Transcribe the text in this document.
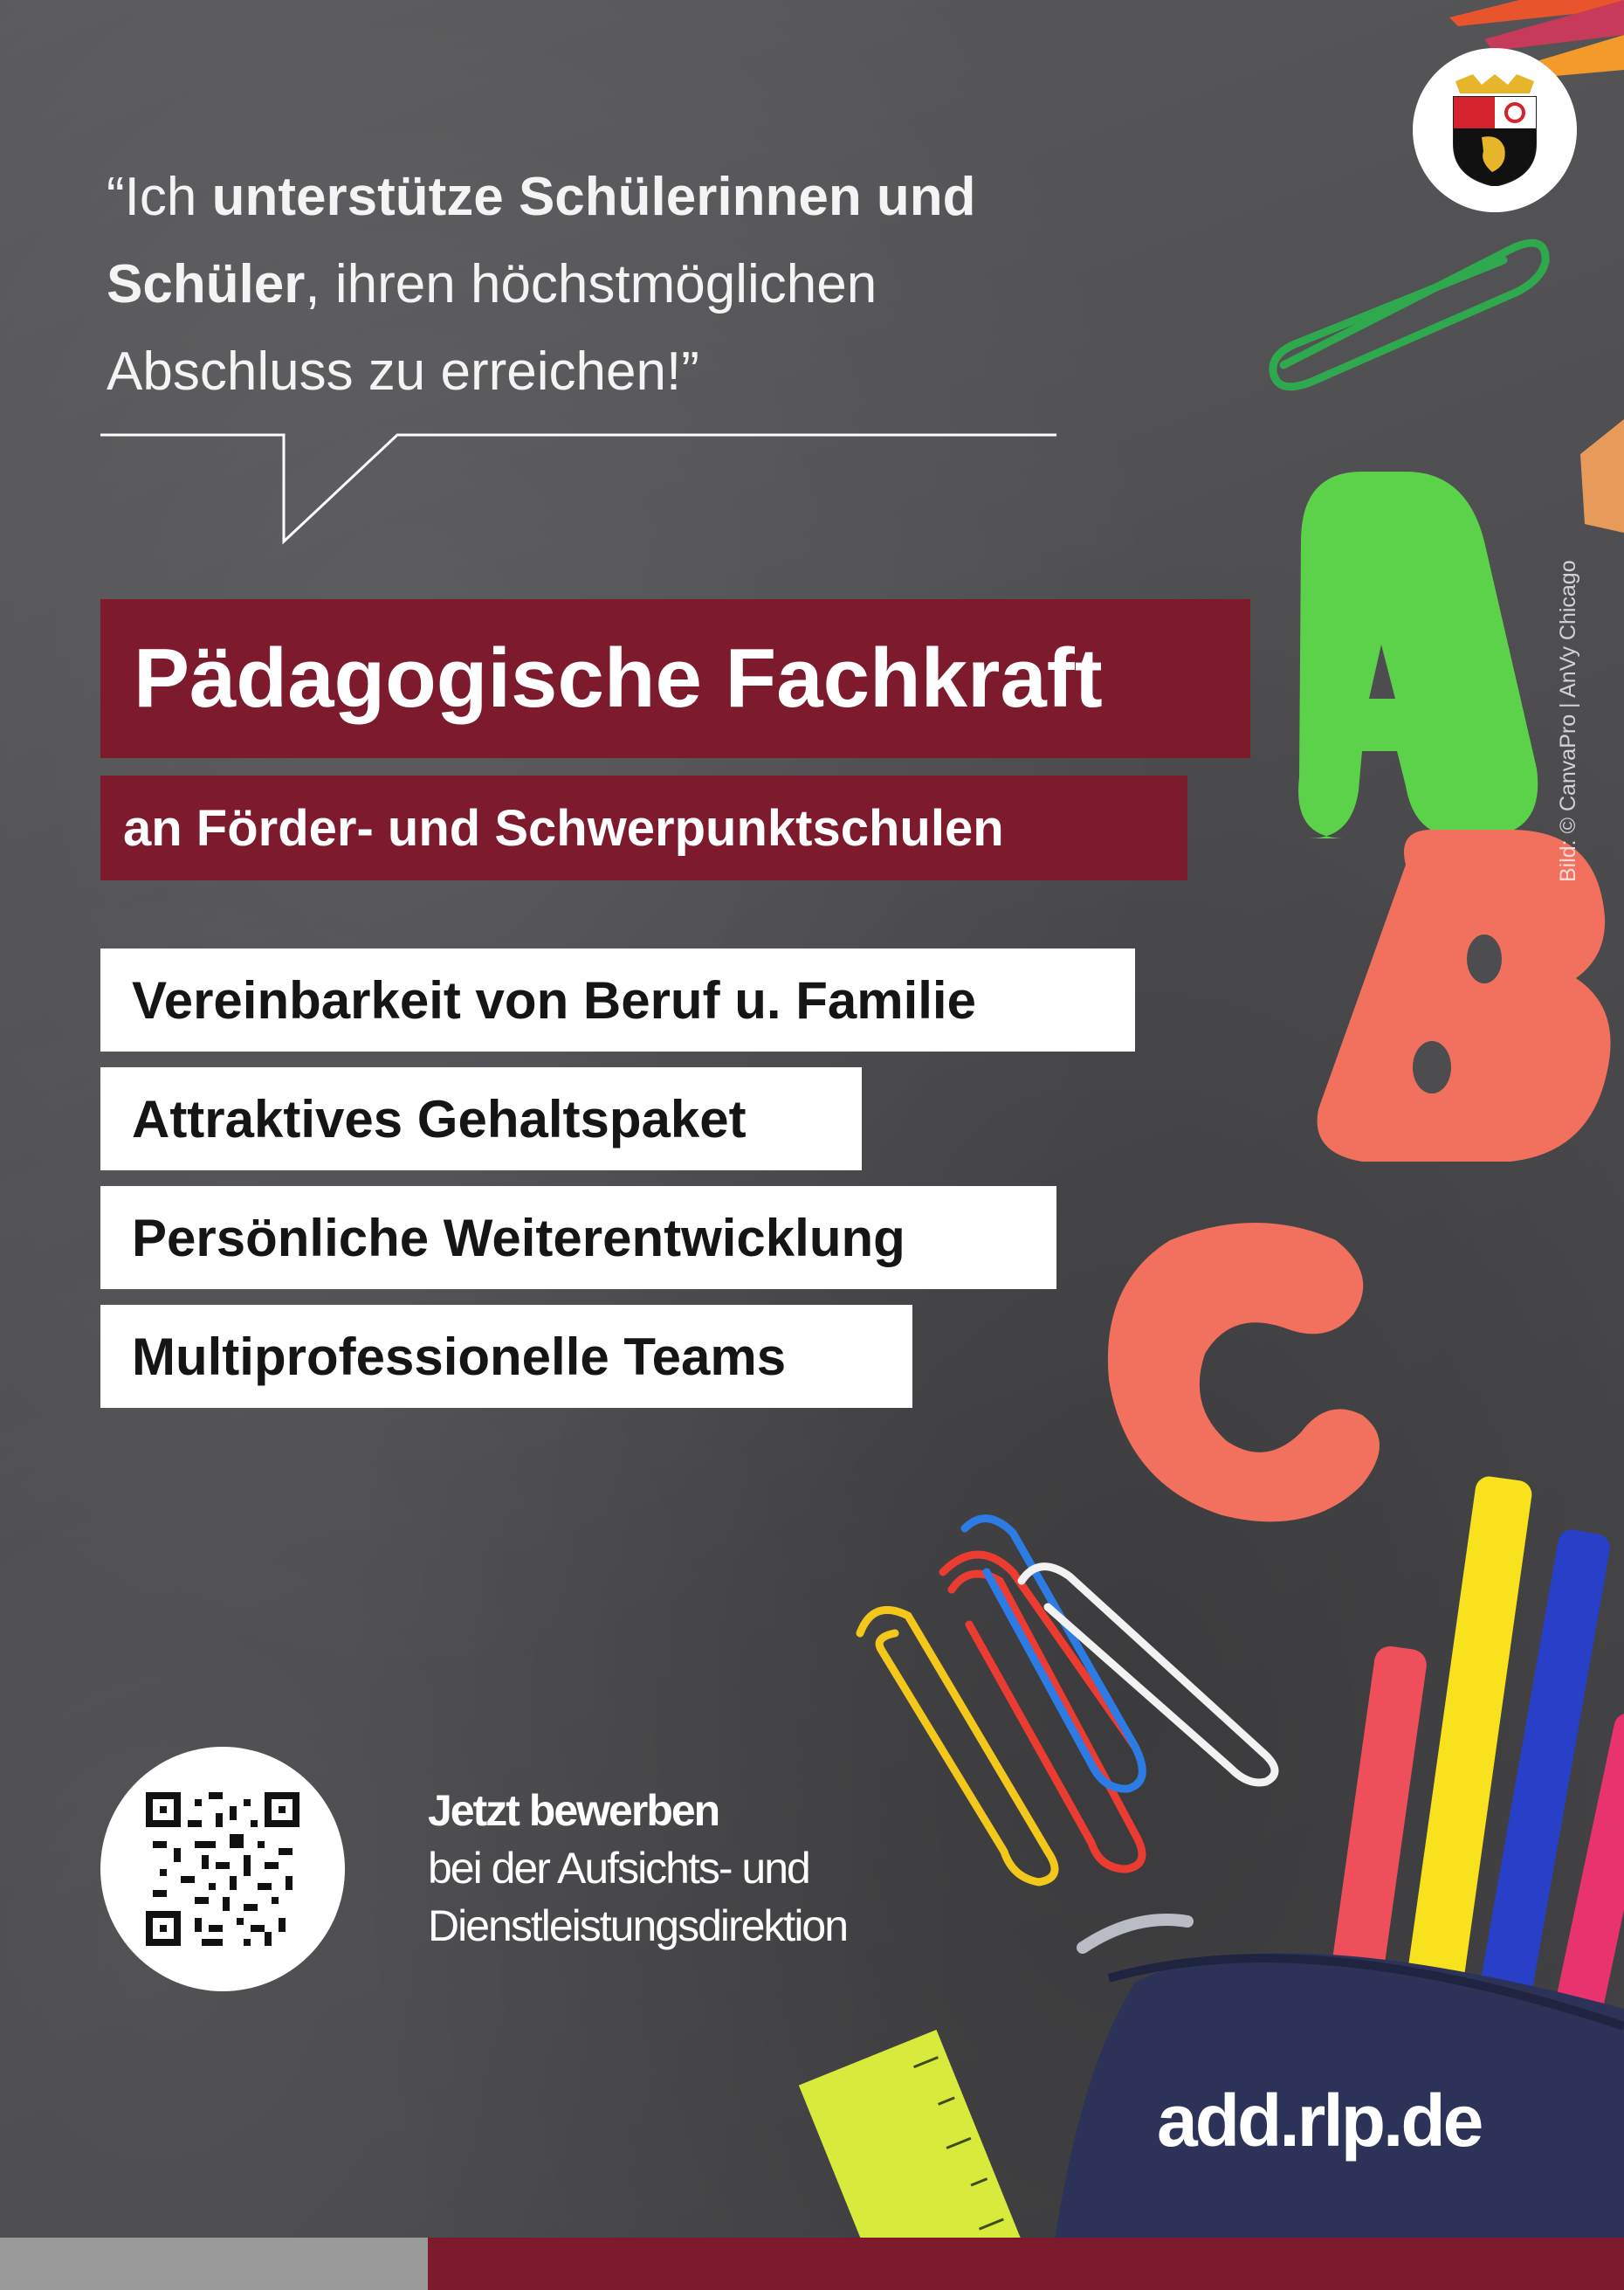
A

“Ich unterstütze Schülerinnen und Schüler, ihren höchstmöglichen Abschluss zu erreichen!”

Pädagogische Fachkraft
an Förder- und Schwerpunktschulen
Vereinbarkeit von Beruf u. Familie
Attraktives Gehaltspaket
Persönliche Weiterentwicklung
Multiprofessionelle Teams
Jetzt bewerben
bei der Aufsichts- und
Dienstleistungsdirektion
add.rlp.de
Bild: © CanvaPro | AnVy Chicago
